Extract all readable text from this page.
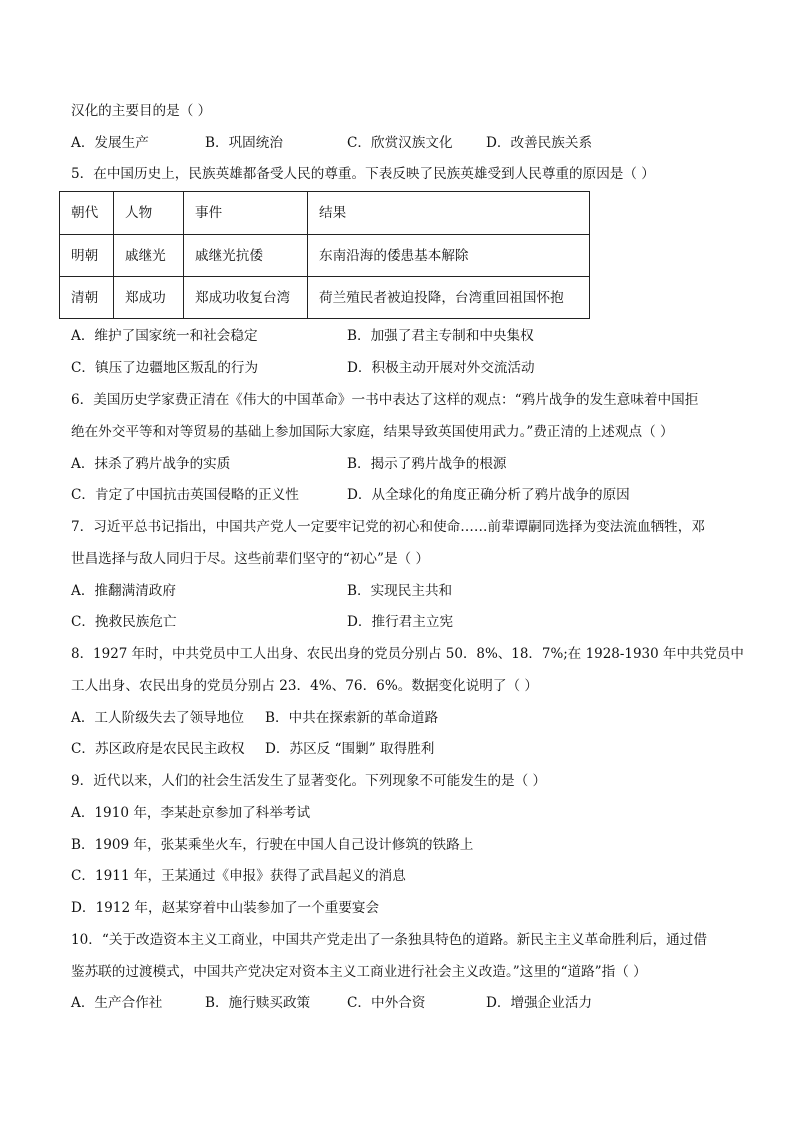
汉化的主要目的是（ ）
A．发展生产	B．巩固统治	C．欣赏汉族文化 D．改善民族关系
5．在中国历史上，民族英雄都备受人民的尊重。下表反映了民族英雄受到人民尊重的原因是（ ）
朝代	人物	事件	结果
明朝	戚继光	戚继光抗倭	东南沿海的倭患基本解除
清朝	郑成功	郑成功收复台湾	荷兰殖民者被迫投降，台湾重回祖国怀抱
A．维护了国家统一和社会稳定	B．加强了君主专制和中央集权
C．镇压了边疆地区叛乱的行为	D．积极主动开展对外交流活动
6．美国历史学家费正清在《伟大的中国革命》一书中表达了这样的观点：“鸦片战争的发生意味着中国拒
绝在外交平等和对等贸易的基础上参加国际大家庭，结果导致英国使用武力。”费正清的上述观点（ ）
A．抹杀了鸦片战争的实质	B．揭示了鸦片战争的根源
C．肯定了中国抗击英国侵略的正义性	D．从全球化的角度正确分析了鸦片战争的原因
7．习近平总书记指出，中国共产党人一定要牢记党的初心和使命……前辈谭嗣同选择为变法流血牺牲，邓
世昌选择与敌人同归于尽。这些前辈们坚守的“初心”是（ ）
A．推翻满清政府	B．实现民主共和
C．挽救民族危亡	D．推行君主立宪
8．1927 年时，中共党员中工人出身、农民出身的党员分别占 50．8%、18．7%;在 1928-1930 年中共党员中
工人出身、农民出身的党员分别占 23．4%、76．6%。数据变化说明了（ ）
A．工人阶级失去了领导地位 B．中共在探索新的革命道路
C．苏区政府是农民民主政权 D．苏区反 “围剿” 取得胜利
9．近代以来，人们的社会生活发生了显著变化。下列现象不可能发生的是（ ）
A．1910 年，李某赴京参加了科举考试
B．1909 年，张某乘坐火车，行驶在中国人自己设计修筑的铁路上
C．1911 年，王某通过《申报》获得了武昌起义的消息
D．1912 年，赵某穿着中山装参加了一个重要宴会
10．“关于改造资本主义工商业，中国共产党走出了一条独具特色的道路。新民主主义革命胜利后，通过借
鉴苏联的过渡模式，中国共产党决定对资本主义工商业进行社会主义改造。”这里的“道路”指（ ）
A．生产合作社	B．施行赎买政策	C．中外合资	D．增强企业活力
